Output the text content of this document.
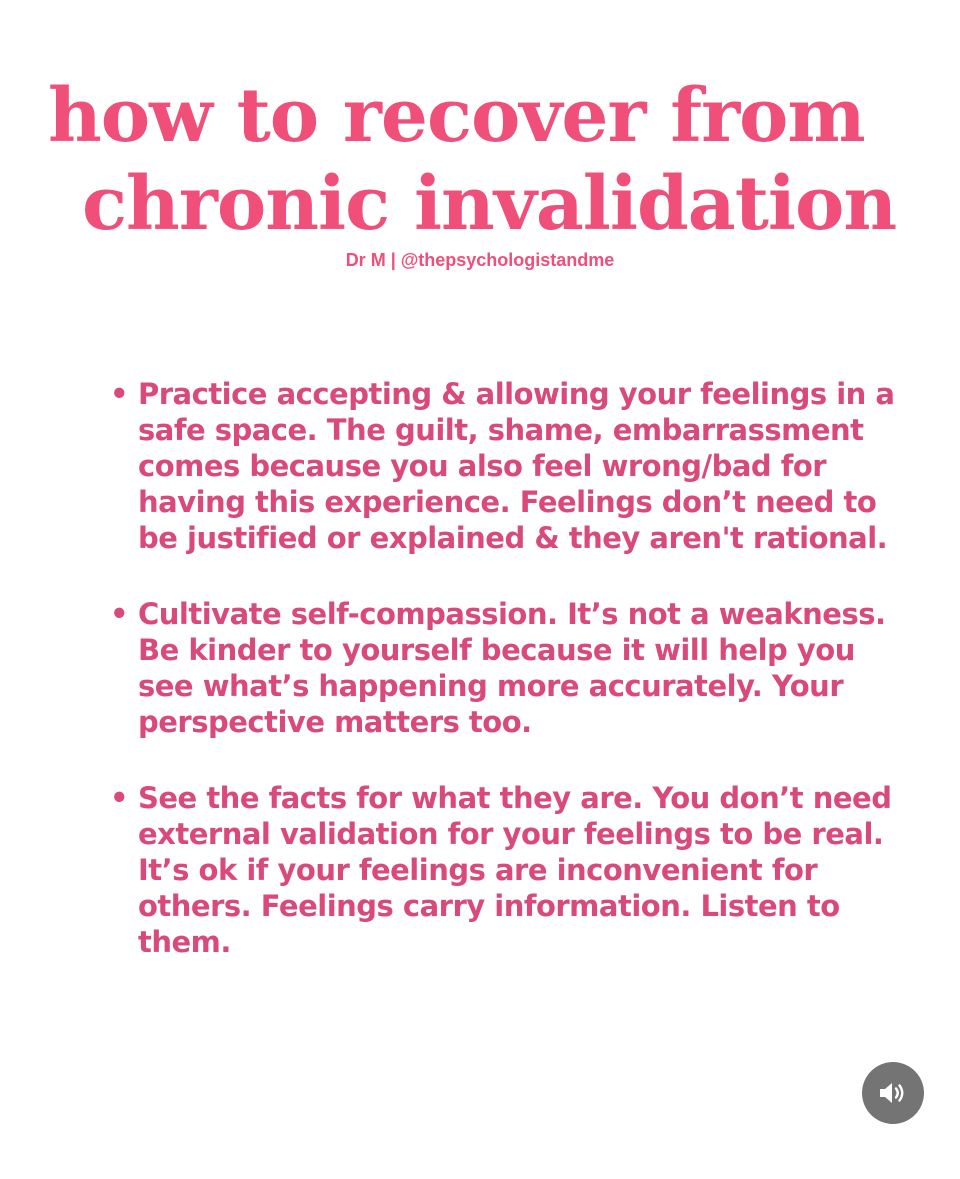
how to recover from
chronic invalidation
Dr M | @thepsychologistandme
• Practice accepting & allowing your feelings in a safe space. The guilt, shame, embarrassment comes because you also feel wrong/bad for having this experience. Feelings don’t need to be justified or explained & they aren't rational.
• Cultivate self-compassion. It’s not a weakness. Be kinder to yourself because it will help you see what’s happening more accurately. Your perspective matters too.
• See the facts for what they are. You don’t need external validation for your feelings to be real. It’s ok if your feelings are inconvenient for others. Feelings carry information. Listen to them.
